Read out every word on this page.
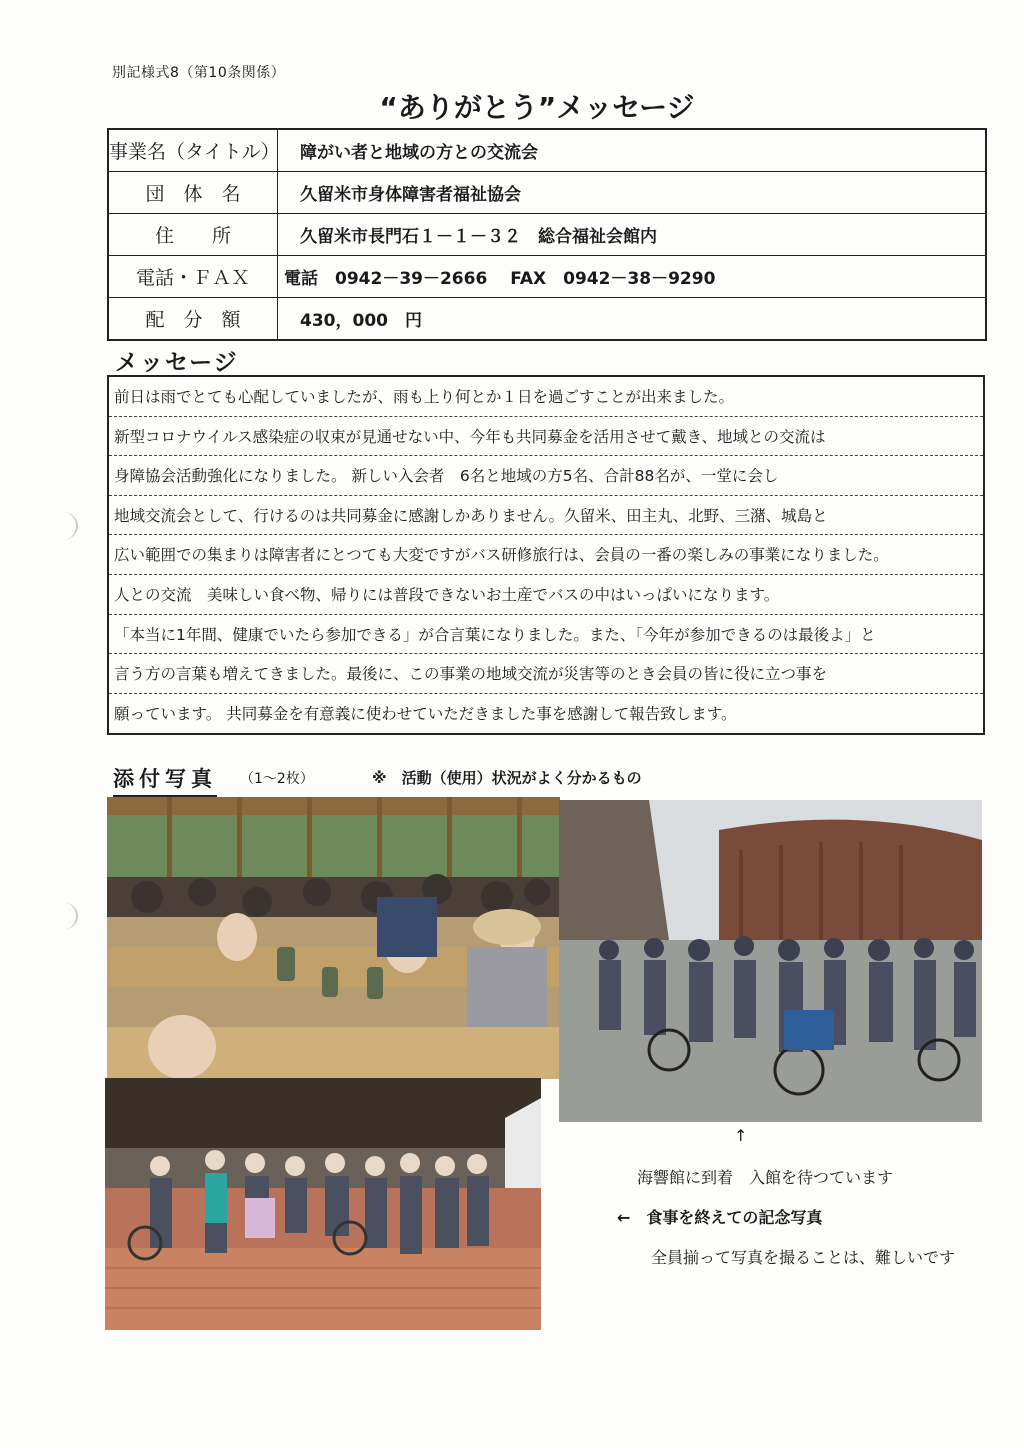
別記様式8（第10条関係）
“ありがとう”メッセージ
事業名（タイトル）	障がい者と地域の方との交流会
団　体　名	久留米市身体障害者福祉協会
住　　所	久留米市長門石１－１－３２　総合福祉会館内
電話・ＦＡＸ	電話　0942－39－2666　 FAX　0942－38－9290
配　分　額	430，000　円
メッセージ
前日は雨でとても心配していましたが、雨も上り何とか１日を過ごすことが出来ました。
新型コロナウイルス感染症の収束が見通せない中、今年も共同募金を活用させて戴き、地域との交流は
身障協会活動強化になりました。 新しい入会者　6名と地域の方5名、合計88名が、一堂に会し
地域交流会として、行けるのは共同募金に感謝しかありません。久留米、田主丸、北野、三潴、城島と
広い範囲での集まりは障害者にとつても大変ですがバス研修旅行は、会員の一番の楽しみの事業になりました。
人との交流　美味しい食べ物、帰りには普段できないお土産でバスの中はいっぱいになります。
「本当に1年間、健康でいたら参加できる」が合言葉になりました。また、「今年が参加できるのは最後よ」と
言う方の言葉も増えてきました。最後に、この事業の地域交流が災害等のとき会員の皆に役に立つ事を
願っています。 共同募金を有意義に使わせていただきました事を感謝して報告致します。
添付写真 （1〜2枚）	※　活動（使用）状況がよく分かるもの
↑
海響館に到着　入館を待つています
←　食事を終えての記念写真
全員揃って写真を撮ることは、難しいです
